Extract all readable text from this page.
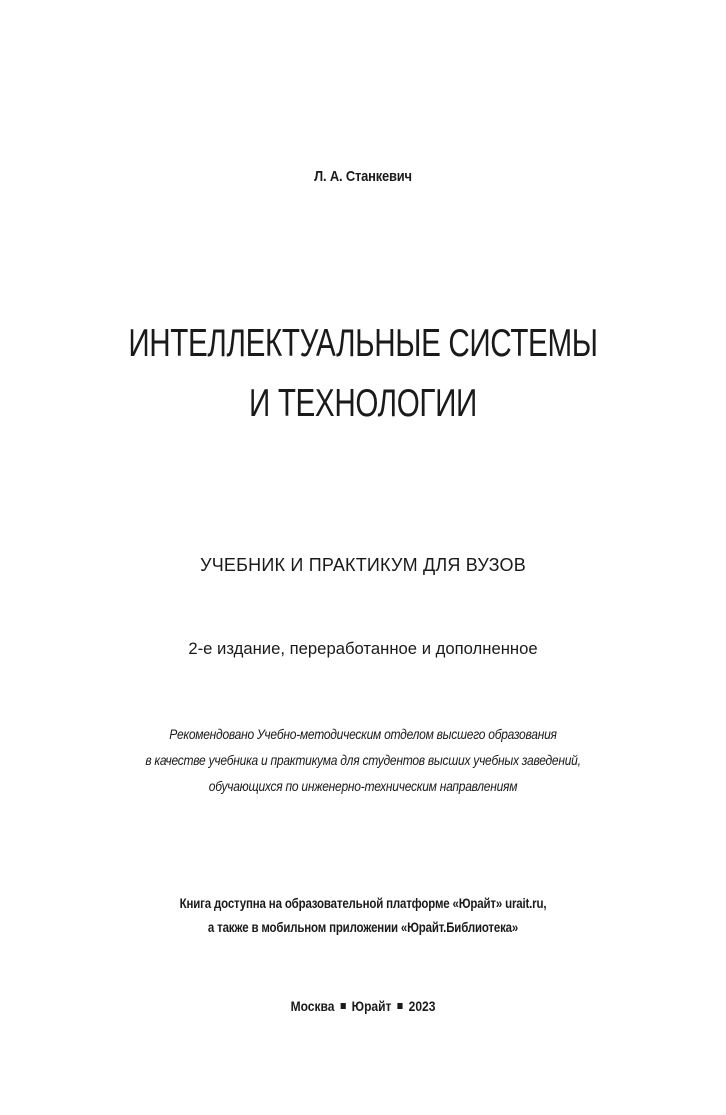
Л. А. Станкевич
ИНТЕЛЛЕКТУАЛЬНЫЕ СИСТЕМЫ
И ТЕХНОЛОГИИ
УЧЕБНИК И ПРАКТИКУМ ДЛЯ ВУЗОВ
2-е издание, переработанное и дополненное
Рекомендовано Учебно-методическим отделом высшего образования
в качестве учебника и практикума для студентов высших учебных заведений,
обучающихся по инженерно-техническим направлениям
Книга доступна на образовательной платформе «Юрайт» urait.ru,
а также в мобильном приложении «Юрайт.Библиотека»
Москва Юрайт 2023
